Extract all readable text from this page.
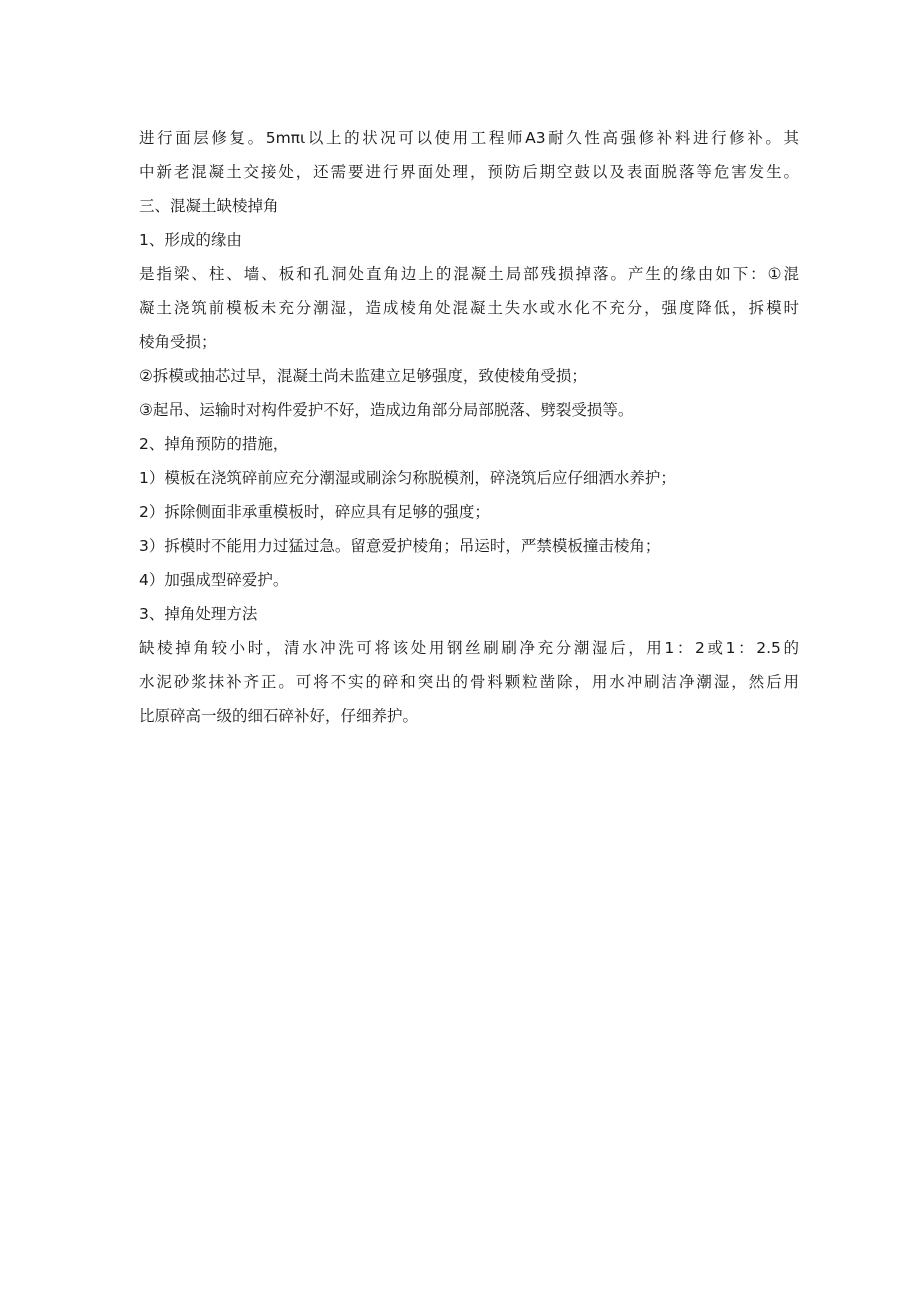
进行面层修复。5mπι以上的状况可以使用工程师A3耐久性高强修补料进行修补。其
中新老混凝土交接处，还需要进行界面处理，预防后期空鼓以及表面脱落等危害发生。
三、混凝土缺棱掉角
1、形成的缘由
是指梁、柱、墙、板和孔洞处直角边上的混凝土局部残损掉落。产生的缘由如下：①混
凝土浇筑前模板未充分潮湿，造成棱角处混凝土失水或水化不充分，强度降低，拆模时
棱角受损；
②拆模或抽芯过早，混凝土尚未监建立足够强度，致使棱角受损；
③起吊、运输时对构件爱护不好，造成边角部分局部脱落、劈裂受损等。
2、掉角预防的措施，
1）模板在浇筑碎前应充分潮湿或刷涂匀称脱模剂，碎浇筑后应仔细洒水养护；
2）拆除侧面非承重模板时，碎应具有足够的强度；
3）拆模时不能用力过猛过急。留意爱护棱角；吊运时，严禁模板撞击棱角；
4）加强成型碎爱护。
3、掉角处理方法
缺棱掉角较小时，清水冲洗可将该处用钢丝刷刷净充分潮湿后，用1：2或1：2.5的
水泥砂浆抹补齐正。可将不实的碎和突出的骨料颗粒凿除，用水冲刷洁净潮湿，然后用
比原碎高一级的细石碎补好，仔细养护。
